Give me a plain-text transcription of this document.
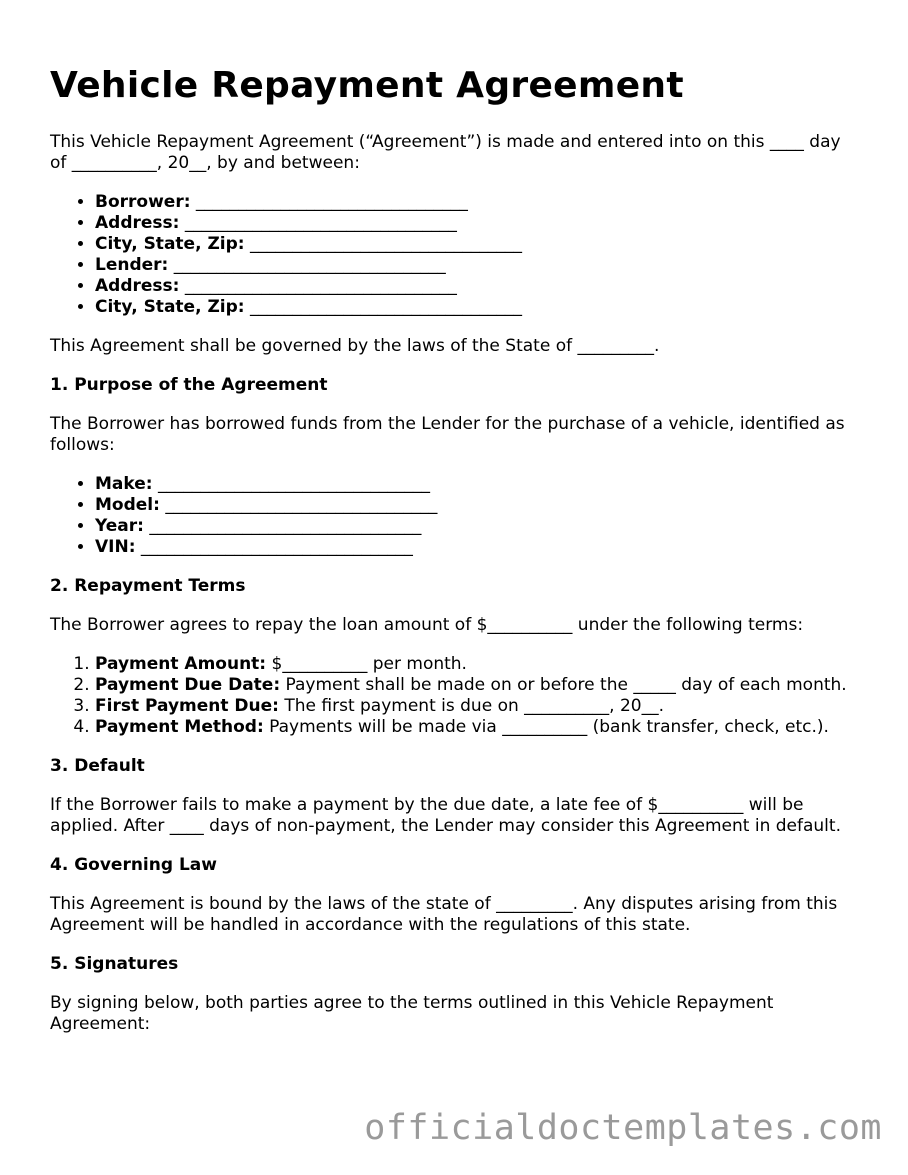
Vehicle Repayment Agreement

This Vehicle Repayment Agreement (“Agreement”) is made and entered into on this ____ day of __________, 20__, by and between:

• Borrower: ________________________________
• Address: ________________________________
• City, State, Zip: ________________________________
• Lender: ________________________________
• Address: ________________________________
• City, State, Zip: ________________________________

This Agreement shall be governed by the laws of the State of _________.

1. Purpose of the Agreement

The Borrower has borrowed funds from the Lender for the purchase of a vehicle, identified as follows:

• Make: ________________________________
• Model: ________________________________
• Year: ________________________________
• VIN: ________________________________
2. Repayment Terms

The Borrower agrees to repay the loan amount of $__________ under the following terms:

1. Payment Amount: $__________ per month.
2. Payment Due Date: Payment shall be made on or before the _____ day of each month.
3. First Payment Due: The first payment is due on __________, 20__.
4. Payment Method: Payments will be made via __________ (bank transfer, check, etc.).
3. Default

If the Borrower fails to make a payment by the due date, a late fee of $__________ will be applied. After ____ days of non-payment, the Lender may consider this Agreement in default.

4. Governing Law

This Agreement is bound by the laws of the state of _________. Any disputes arising from this Agreement will be handled in accordance with the regulations of this state.

5. Signatures

By signing below, both parties agree to the terms outlined in this Vehicle Repayment Agreement:

officialdoctemplates.com
